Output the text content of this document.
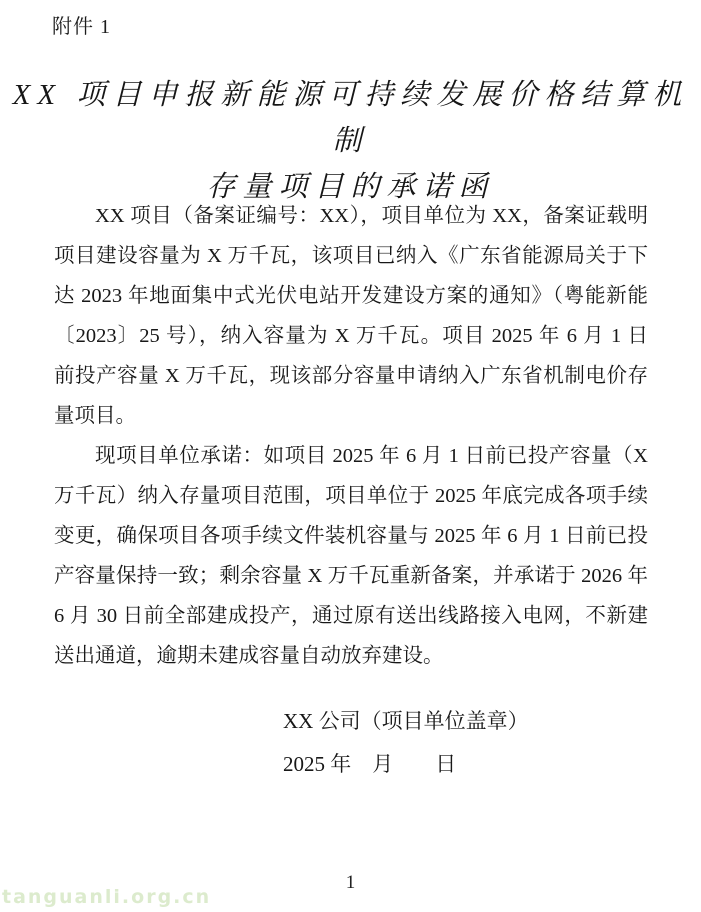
附件 1
XX 项目申报新能源可持续发展价格结算机制
存量项目的承诺函
XX 项目（备案证编号：XX），项目单位为 XX，备案证载明
项目建设容量为 X 万千瓦，该项目已纳入《广东省能源局关于下
达 2023 年地面集中式光伏电站开发建设方案的通知》（粤能新能
〔2023〕25 号），纳入容量为 X 万千瓦。项目 2025 年 6 月 1 日
前投产容量 X 万千瓦，现该部分容量申请纳入广东省机制电价存
量项目。
现项目单位承诺：如项目 2025 年 6 月 1 日前已投产容量（X
万千瓦）纳入存量项目范围，项目单位于 2025 年底完成各项手续
变更，确保项目各项手续文件装机容量与 2025 年 6 月 1 日前已投
产容量保持一致；剩余容量 X 万千瓦重新备案，并承诺于 2026 年
6 月 30 日前全部建成投产，通过原有送出线路接入电网，不新建
送出通道，逾期未建成容量自动放弃建设。
XX 公司（项目单位盖章）
2025 年　月　　日
1
tanguanli.org.cn
